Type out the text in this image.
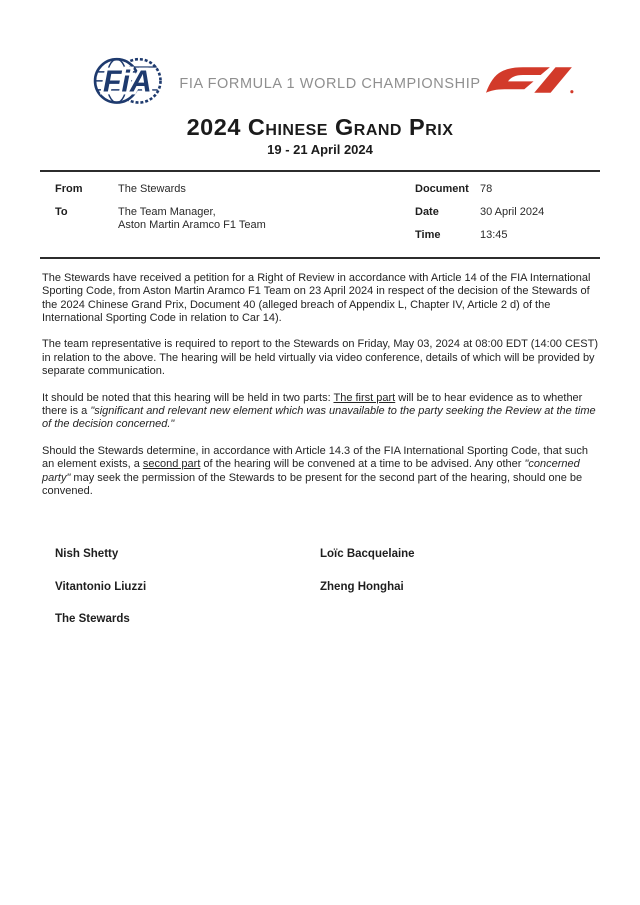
FiA	FIA FORMULA 1 WORLD CHAMPIONSHIP
2024 Chinese Grand Prix
19 - 21 April 2024
From	The Stewards
To	The Team Manager,
Aston Martin Aramco F1 Team
Document	78
Date	30 April 2024
Time	13:45

The Stewards have received a petition for a Right of Review in accordance with Article 14 of the FIA International Sporting Code, from Aston Martin Aramco F1 Team on 23 April 2024 in respect of the decision of the Stewards of the 2024 Chinese Grand Prix, Document 40 (alleged breach of Appendix L, Chapter IV, Article 2 d) of the International Sporting Code in relation to Car 14).

The team representative is required to report to the Stewards on Friday, May 03, 2024 at 08:00 EDT (14:00 CEST) in relation to the above. The hearing will be held virtually via video conference, details of which will be provided by separate communication.

It should be noted that this hearing will be held in two parts: The first part will be to hear evidence as to whether there is a "significant and relevant new element which was unavailable to the party seeking the Review at the time of the decision concerned."

Should the Stewards determine, in accordance with Article 14.3 of the FIA International Sporting Code, that such an element exists, a second part of the hearing will be convened at a time to be advised. Any other "concerned party" may seek the permission of the Stewards to be present for the second part of the hearing, should one be convened.

Nish Shetty	Loïc Bacquelaine
Vitantonio Liuzzi	Zheng Honghai
The Stewards
